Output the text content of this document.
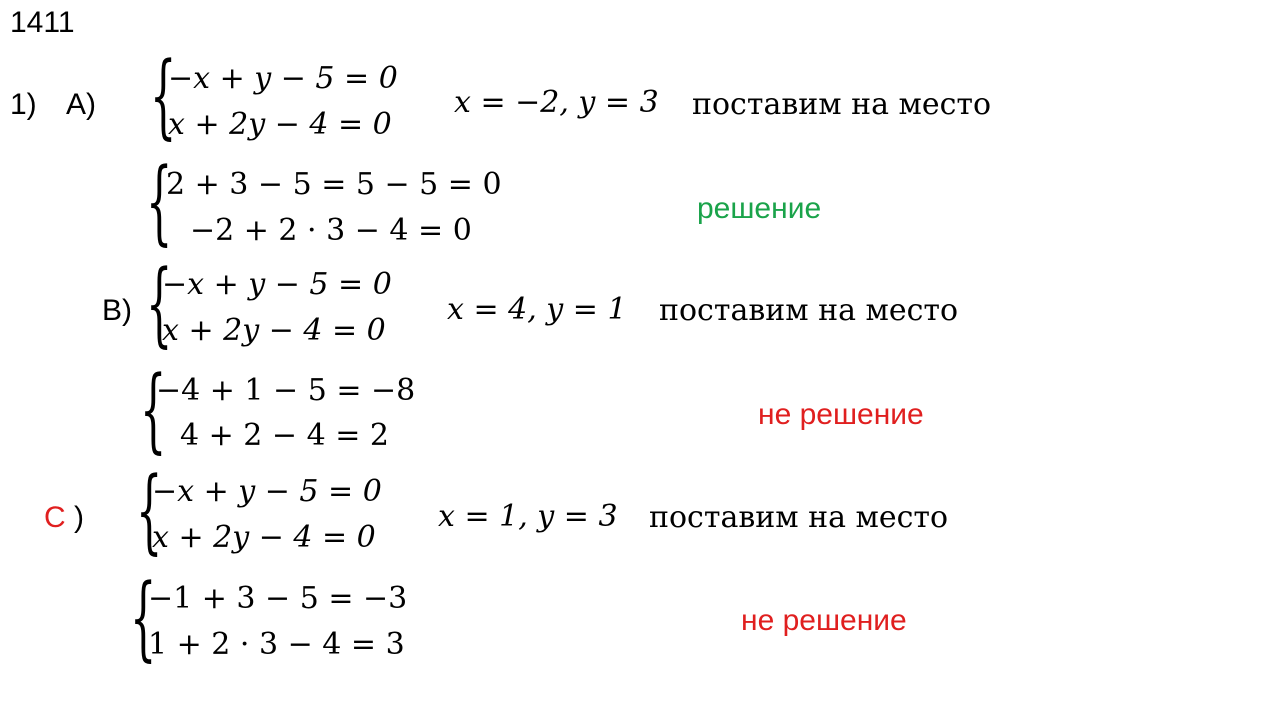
1411
1) A) {
−x + y − 5 = 0
x + 2y − 4 = 0
x = −2, y = 3 поставим на место
{
2 + 3 − 5 = 5 − 5 = 0
−2 + 2 · 3 − 4 = 0
решение
B) {
−x + y − 5 = 0
x + 2y − 4 = 0
x = 4, y = 1 поставим на место
{
−4 + 1 − 5 = −8
4 + 2 − 4 = 2
не решение
C ) {
−x + y − 5 = 0
x + 2y − 4 = 0
x = 1, y = 3 поставим на место
{
−1 + 3 − 5 = −3
1 + 2 · 3 − 4 = 3
не решение
